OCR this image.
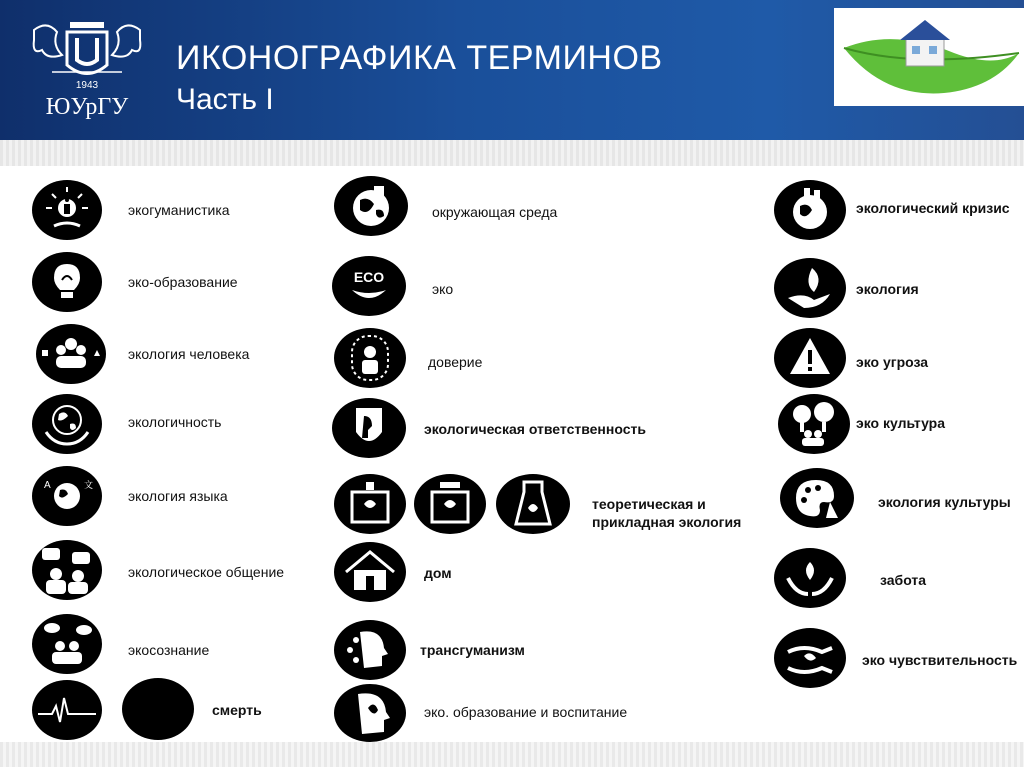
1943
ЮУрГУ
ИКОНОГРАФИКА ТЕРМИНОВ
Часть I
A	文
экогуманистика
эко-образование
экология человека
экологичность
экология языка
экологическое общение
экосознание
смерть
ECO
окружающая среда
эко
доверие
экологическая ответственность
теоретическая и
прикладная экология
дом
трансгуманизм
эко. образование и воспитание
экологический кризис
экология
эко угроза
эко культура
экология культуры
забота
эко чувствительность
